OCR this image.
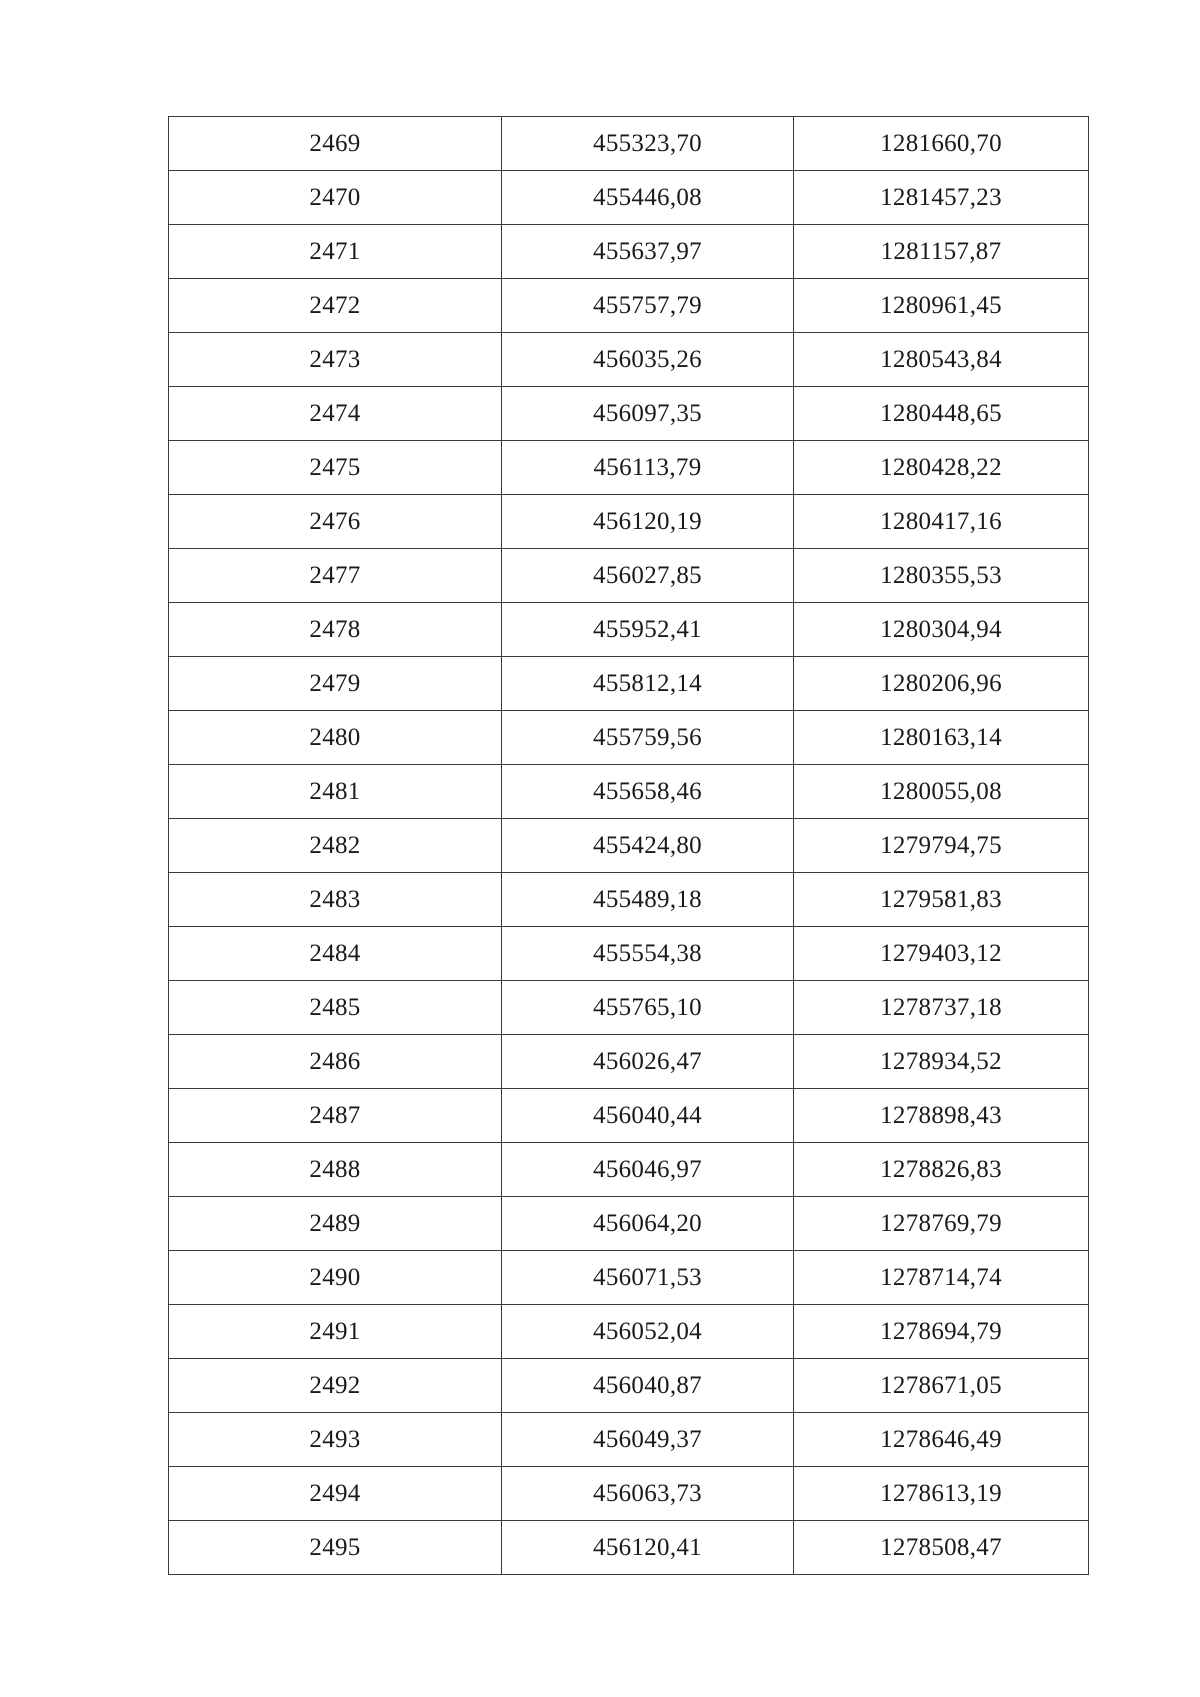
2469	455323,70	1281660,70
2470	455446,08	1281457,23
2471	455637,97	1281157,87
2472	455757,79	1280961,45
2473	456035,26	1280543,84
2474	456097,35	1280448,65
2475	456113,79	1280428,22
2476	456120,19	1280417,16
2477	456027,85	1280355,53
2478	455952,41	1280304,94
2479	455812,14	1280206,96
2480	455759,56	1280163,14
2481	455658,46	1280055,08
2482	455424,80	1279794,75
2483	455489,18	1279581,83
2484	455554,38	1279403,12
2485	455765,10	1278737,18
2486	456026,47	1278934,52
2487	456040,44	1278898,43
2488	456046,97	1278826,83
2489	456064,20	1278769,79
2490	456071,53	1278714,74
2491	456052,04	1278694,79
2492	456040,87	1278671,05
2493	456049,37	1278646,49
2494	456063,73	1278613,19
2495	456120,41	1278508,47
